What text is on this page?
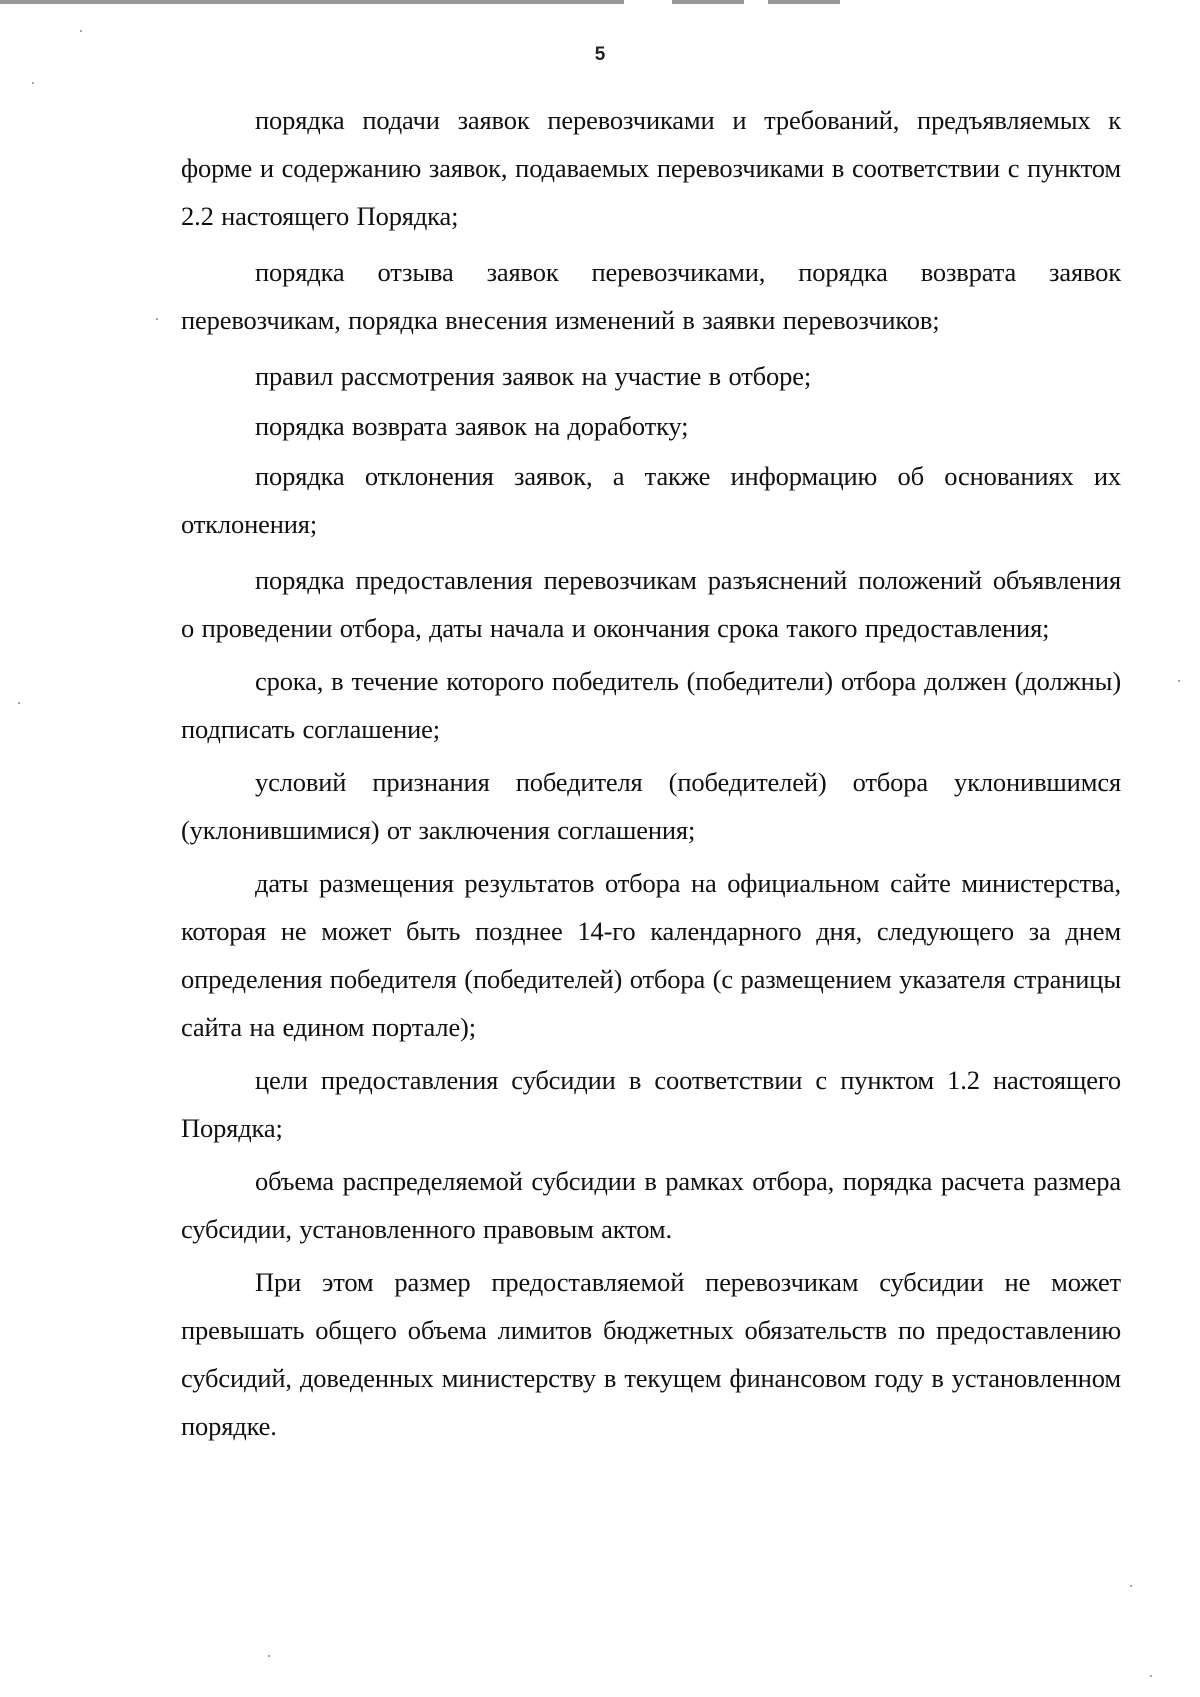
5

порядка подачи заявок перевозчиками и требований, предъявляемых к форме и содержанию заявок, подаваемых перевозчиками в соответствии с пунктом 2.2 настоящего Порядка;

порядка отзыва заявок перевозчиками, порядка возврата заявок перевозчикам, порядка внесения изменений в заявки перевозчиков;

правил рассмотрения заявок на участие в отборе;

порядка возврата заявок на доработку;

порядка отклонения заявок, а также информацию об основаниях их отклонения;

порядка предоставления перевозчикам разъяснений положений объявления о проведении отбора, даты начала и окончания срока такого предоставления;

срока, в течение которого победитель (победители) отбора должен (должны) подписать соглашение;

условий признания победителя (победителей) отбора уклонившимся (уклонившимися) от заключения соглашения;

даты размещения результатов отбора на официальном сайте министерства, которая не может быть позднее 14-го календарного дня, следующего за днем определения победителя (победителей) отбора (с размещением указателя страницы сайта на едином портале);

цели предоставления субсидии в соответствии с пунктом 1.2 настоящего Порядка;

объема распределяемой субсидии в рамках отбора, порядка расчета размера субсидии, установленного правовым актом.

При этом размер предоставляемой перевозчикам субсидии не может превышать общего объема лимитов бюджетных обязательств по предоставлению субсидий, доведенных министерству в текущем финансовом году в установленном порядке.
